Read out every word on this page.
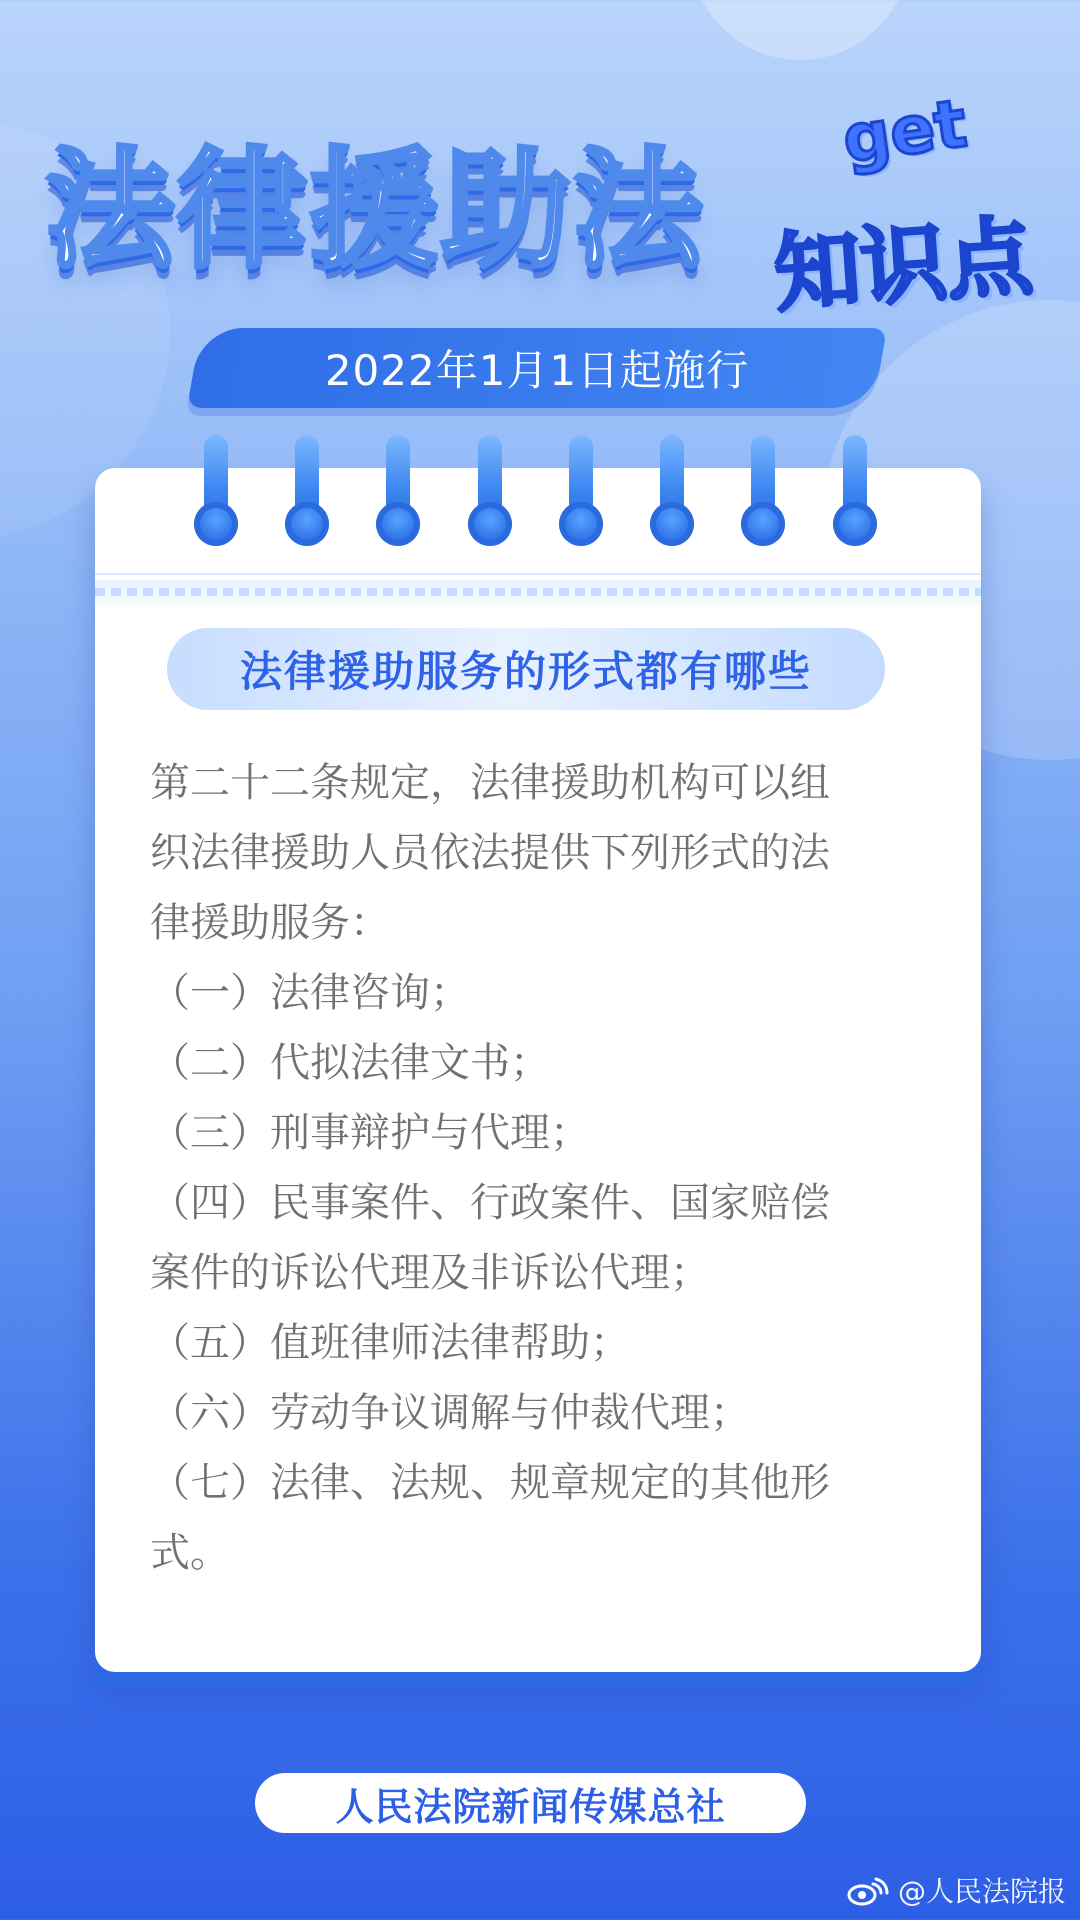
法律援助法
get
知识点
2022年1月1日起施行
法律援助服务的形式都有哪些

第二十二条规定，法律援助机构可以组
织法律援助人员依法提供下列形式的法
律援助服务：

（一）法律咨询；

（二）代拟法律文书；

（三）刑事辩护与代理；

（四）民事案件、行政案件、国家赔偿
案件的诉讼代理及非诉讼代理；

（五）值班律师法律帮助；

（六）劳动争议调解与仲裁代理；

（七）法律、法规、规章规定的其他形
式。

人民法院新闻传媒总社
@人民法院报
